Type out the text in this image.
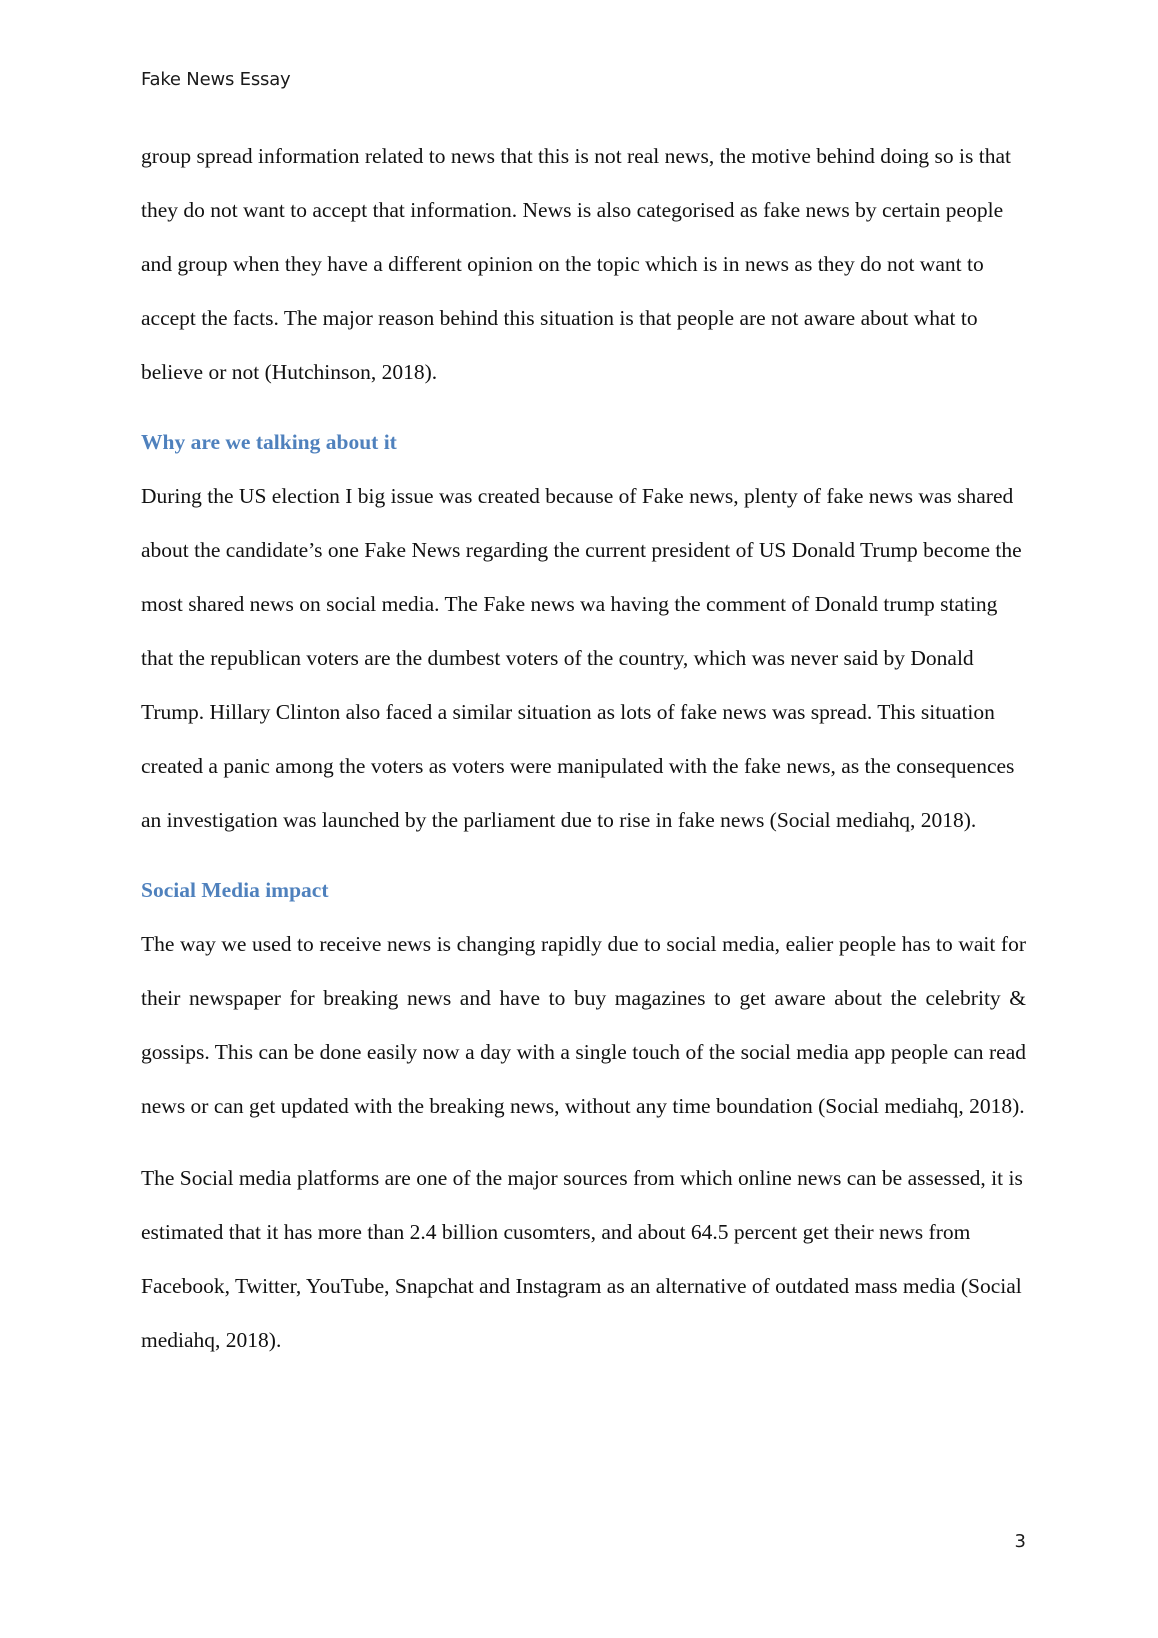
Fake News Essay

group spread information related to news that this is not real news, the motive behind doing so is that they do not want to accept that information. News is also categorised as fake news by certain people and group when they have a different opinion on the topic which is in news as they do not want to accept the facts. The major reason behind this situation is that people are not aware about what to believe or not (Hutchinson, 2018).

Why are we talking about it

During the US election I big issue was created because of Fake news, plenty of fake news was shared about the candidate’s one Fake News regarding the current president of US Donald Trump become the most shared news on social media. The Fake news wa having the comment of Donald trump stating that the republican voters are the dumbest voters of the country, which was never said by Donald Trump. Hillary Clinton also faced a similar situation as lots of fake news was spread. This situation created a panic among the voters as voters were manipulated with the fake news, as the consequences an investigation was launched by the parliament due to rise in fake news (Social mediahq, 2018).

Social Media impact

The way we used to receive news is changing rapidly due to social media, ealier people has to wait for their newspaper for breaking news and have to buy magazines to get aware about the celebrity & gossips. This can be done easily now a day with a single touch of the social media app people can read news or can get updated with the breaking news, without any time boundation (Social mediahq, 2018).

The Social media platforms are one of the major sources from which online news can be assessed, it is estimated that it has more than 2.4 billion cusomters, and about 64.5 percent get their news from Facebook, Twitter, YouTube, Snapchat and Instagram as an alternative of outdated mass media (Social mediahq, 2018).

3
